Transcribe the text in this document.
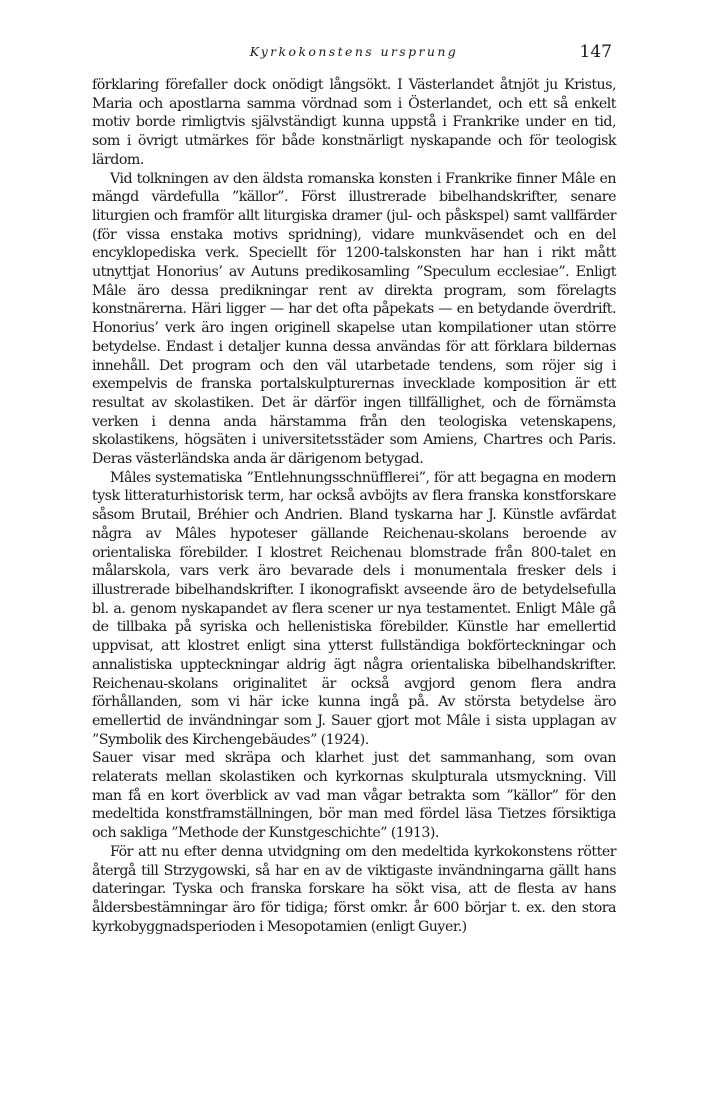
Kyrkokonstens ursprung	147

förklaring förefaller dock onödigt långsökt. I Västerlandet åtnjöt ju Kristus, Maria och apostlarna samma vördnad som i Österlandet, och ett så enkelt motiv borde rimligtvis självständigt kunna uppstå i Frankrike under en tid, som i övrigt utmärkes för både konstnärligt nyskapande och för teologisk lärdom.

Vid tolkningen av den äldsta romanska konsten i Frankrike finner Mâle en mängd värdefulla ”källor”. Först illustrerade bibelhandskrifter, senare liturgien och framför allt liturgiska dramer (jul- och påskspel) samt vallfärder (för vissa enstaka motivs spridning), vidare munkväsendet och en del encyklopediska verk. Speciellt för 1200-talskonsten har han i rikt mått utnyttjat Honorius’ av Autuns predikosamling ”Speculum ecclesiae”. Enligt Mâle äro dessa predikningar rent av direkta program, som förelagts konstnärerna. Häri ligger — har det ofta påpekats — en betydande överdrift. Honorius’ verk äro ingen originell skapelse utan kompilationer utan större betydelse. Endast i detaljer kunna dessa användas för att förklara bildernas innehåll. Det program och den väl utarbetade tendens, som röjer sig i exempelvis de franska portalskulpturernas invecklade komposition är ett resultat av skolastiken. Det är därför ingen tillfällighet, och de förnämsta verken i denna anda härstamma från den teologiska vetenskapens, skolastikens, högsäten i universitetsstäder som Amiens, Chartres och Paris. Deras västerländska anda är därigenom betygad.

Mâles systematiska ”Entlehnungsschnüfflerei”, för att begagna en modern tysk litteraturhistorisk term, har också avböjts av flera franska konstforskare såsom Brutail, Bréhier och Andrien. Bland tyskarna har J. Künstle avfärdat några av Mâles hypoteser gällande Reichenau-skolans beroende av orientaliska förebilder. I klostret Reichenau blomstrade från 800-talet en målarskola, vars verk äro bevarade dels i monumentala fresker dels i illustrerade bibelhandskrifter. I ikonografiskt avseende äro de betydelsefulla bl. a. genom nyskapandet av flera scener ur nya testamentet. Enligt Mâle gå de tillbaka på syriska och hellenistiska förebilder. Künstle har emellertid uppvisat, att klostret enligt sina ytterst fullständiga bokförteckningar och annalistiska uppteckningar aldrig ägt några orientaliska bibelhandskrifter. Reichenau-skolans originalitet är också avgjord genom flera andra förhållanden, som vi här icke kunna ingå på. Av största betydelse äro emellertid de invändningar som J. Sauer gjort mot Mâle i sista upplagan av ”Symbolik des Kirchengebäudes” (1924).

Sauer visar med skräpa och klarhet just det sammanhang, som ovan relaterats mellan skolastiken och kyrkornas skulpturala utsmyckning. Vill man få en kort överblick av vad man vågar betrakta som ”källor” för den medeltida konstframställningen, bör man med fördel läsa Tietzes försiktiga och sakliga ”Methode der Kunstgeschichte” (1913).

För att nu efter denna utvidgning om den medeltida kyrkokonstens rötter återgå till Strzygowski, så har en av de viktigaste invändningarna gällt hans dateringar. Tyska och franska forskare ha sökt visa, att de flesta av hans åldersbestämningar äro för tidiga; först omkr. år 600 börjar t. ex. den stora kyrkobyggnadsperioden i Mesopotamien (enligt Guyer.)
